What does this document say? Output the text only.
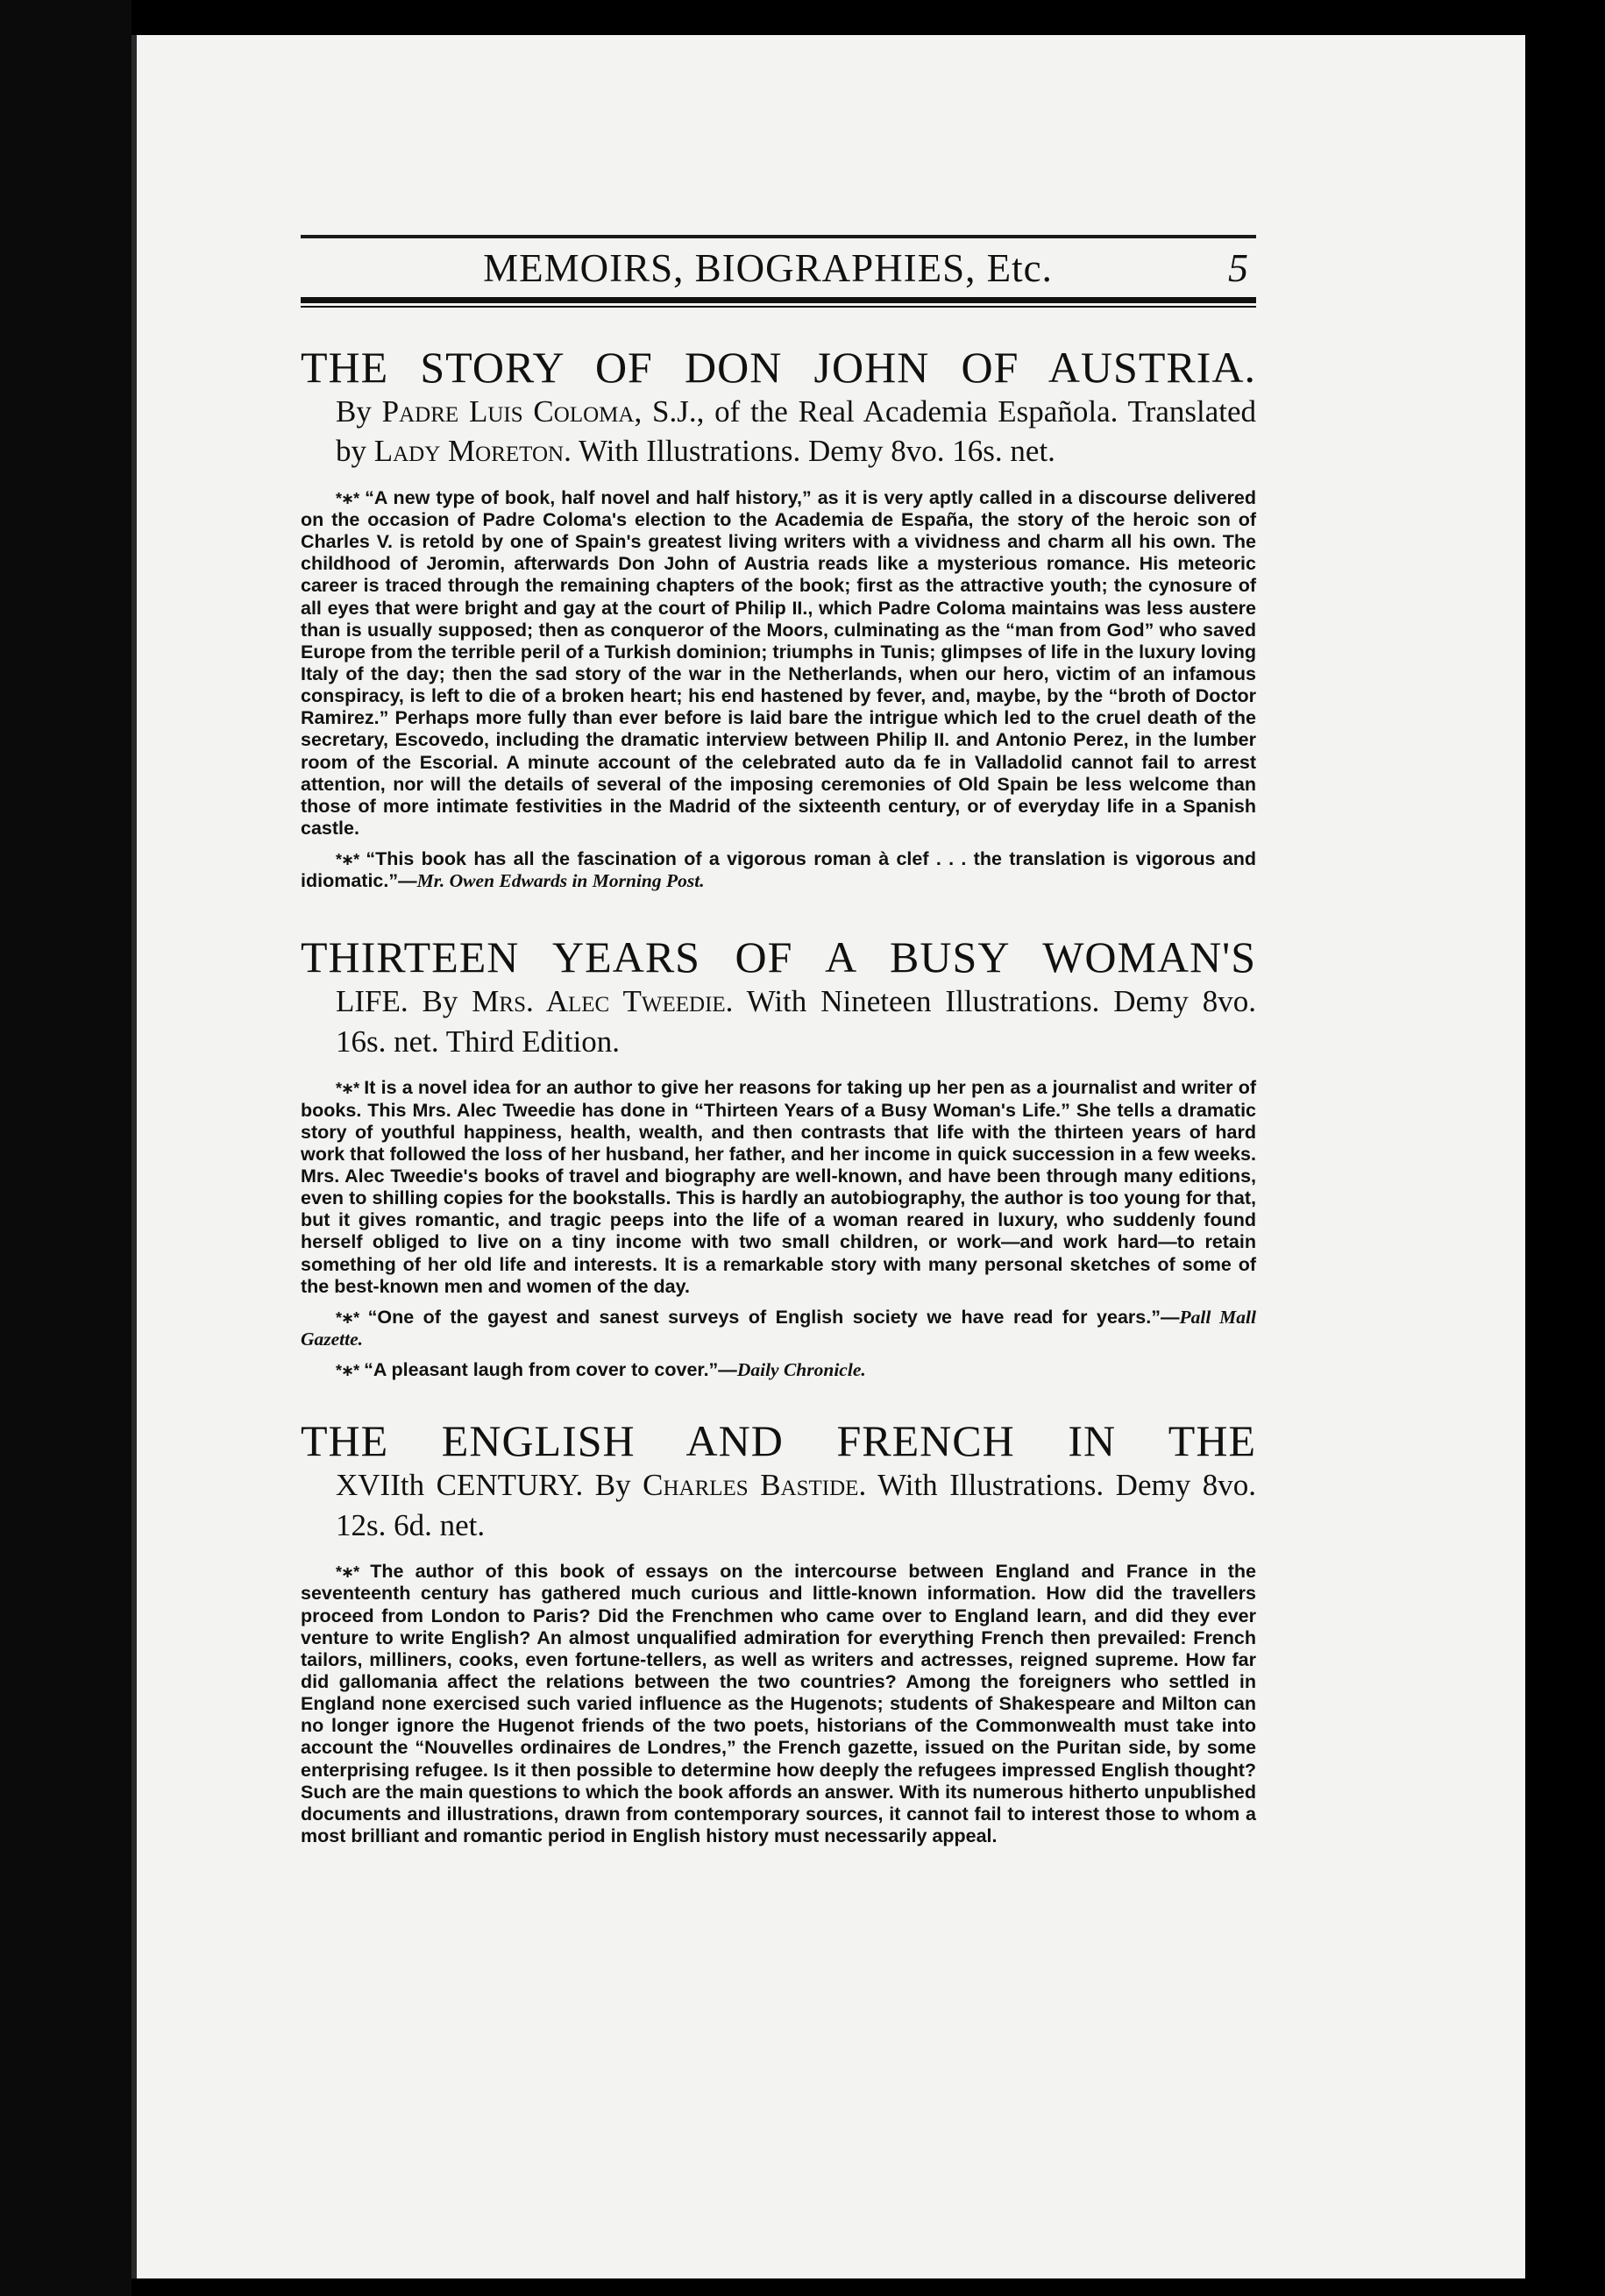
MEMOIRS, BIOGRAPHIES, Etc.	5
THE STORY OF DON JOHN OF AUSTRIA.
By Padre Luis Coloma, S.J., of the Real Academia Española. Translated by Lady Moreton. With Illustrations. Demy 8vo. 16s. net.
*∗* “A new type of book, half novel and half history,” as it is very aptly called in a discourse delivered on the occasion of Padre Coloma's election to the Academia de España, the story of the heroic son of Charles V. is retold by one of Spain's greatest living writers with a vividness and charm all his own. The childhood of Jeromin, afterwards Don John of Austria reads like a mysterious romance. His meteoric career is traced through the remaining chapters of the book; first as the attractive youth; the cynosure of all eyes that were bright and gay at the court of Philip II., which Padre Coloma maintains was less austere than is usually supposed; then as conqueror of the Moors, culminating as the “man from God” who saved Europe from the terrible peril of a Turkish dominion; triumphs in Tunis; glimpses of life in the luxury loving Italy of the day; then the sad story of the war in the Netherlands, when our hero, victim of an infamous conspiracy, is left to die of a broken heart; his end hastened by fever, and, maybe, by the “broth of Doctor Ramirez.” Perhaps more fully than ever before is laid bare the intrigue which led to the cruel death of the secretary, Escovedo, including the dramatic interview between Philip II. and Antonio Perez, in the lumber room of the Escorial. A minute account of the celebrated auto da fe in Valladolid cannot fail to arrest attention, nor will the details of several of the imposing ceremonies of Old Spain be less welcome than those of more intimate festivities in the Madrid of the sixteenth century, or of everyday life in a Spanish castle.
*∗* “This book has all the fascination of a vigorous roman à clef . . . the translation is vigorous and idiomatic.”—Mr. Owen Edwards in Morning Post.
THIRTEEN YEARS OF A BUSY WOMAN'S
LIFE. By Mrs. Alec Tweedie. With Nineteen Illustrations. Demy 8vo. 16s. net. Third Edition.
*∗* It is a novel idea for an author to give her reasons for taking up her pen as a journalist and writer of books. This Mrs. Alec Tweedie has done in “Thirteen Years of a Busy Woman's Life.” She tells a dramatic story of youthful happiness, health, wealth, and then contrasts that life with the thirteen years of hard work that followed the loss of her husband, her father, and her income in quick succession in a few weeks. Mrs. Alec Tweedie's books of travel and biography are well-known, and have been through many editions, even to shilling copies for the bookstalls. This is hardly an autobiography, the author is too young for that, but it gives romantic, and tragic peeps into the life of a woman reared in luxury, who suddenly found herself obliged to live on a tiny income with two small children, or work—and work hard—to retain something of her old life and interests. It is a remarkable story with many personal sketches of some of the best-known men and women of the day.
*∗* “One of the gayest and sanest surveys of English society we have read for years.”—Pall Mall Gazette.
*∗* “A pleasant laugh from cover to cover.”—Daily Chronicle.
THE ENGLISH AND FRENCH IN THE
XVIIth CENTURY. By Charles Bastide. With Illustrations. Demy 8vo. 12s. 6d. net.
*∗* The author of this book of essays on the intercourse between England and France in the seventeenth century has gathered much curious and little-known information. How did the travellers proceed from London to Paris? Did the Frenchmen who came over to England learn, and did they ever venture to write English? An almost unqualified admiration for everything French then prevailed: French tailors, milliners, cooks, even fortune-tellers, as well as writers and actresses, reigned supreme. How far did gallomania affect the relations between the two countries? Among the foreigners who settled in England none exercised such varied influence as the Hugenots; students of Shakespeare and Milton can no longer ignore the Hugenot friends of the two poets, historians of the Commonwealth must take into account the “Nouvelles ordinaires de Londres,” the French gazette, issued on the Puritan side, by some enterprising refugee. Is it then possible to determine how deeply the refugees impressed English thought? Such are the main questions to which the book affords an answer. With its numerous hitherto unpublished documents and illustrations, drawn from contemporary sources, it cannot fail to interest those to whom a most brilliant and romantic period in English history must necessarily appeal.
